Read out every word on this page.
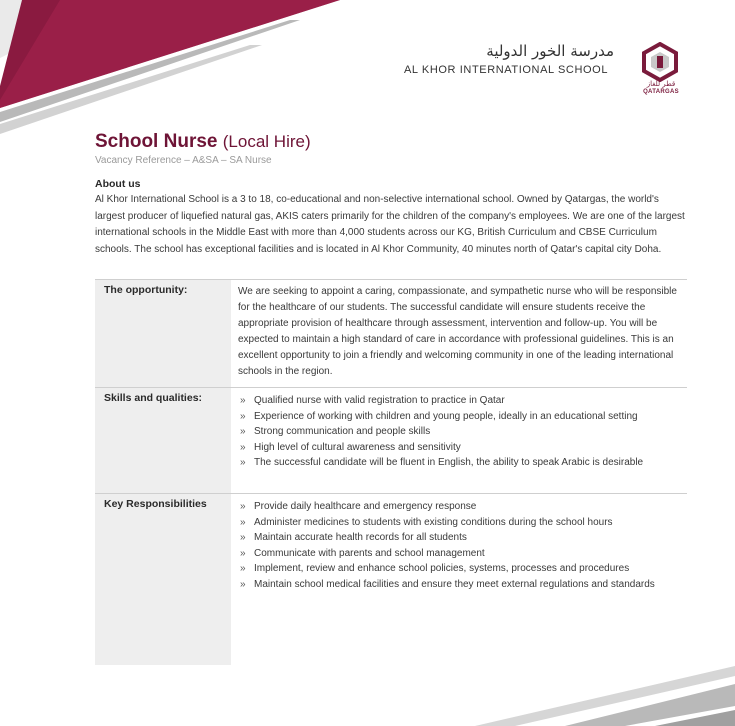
مدرسة الخور الدولية
AL KHOR INTERNATIONAL SCHOOL
قطر للغاز
QATARGAS
School Nurse (Local Hire)
Vacancy Reference – A&SA – SA Nurse
About us

Al Khor International School is a 3 to 18, co-educational and non-selective international school. Owned by Qatargas, the world's largest producer of liquefied natural gas, AKIS caters primarily for the children of the company's employees. We are one of the largest international schools in the Middle East with more than 4,000 students across our KG, British Curriculum and CBSE Curriculum schools. The school has exceptional facilities and is located in Al Khor Community, 40 minutes north of Qatar's capital city Doha.

The opportunity:	We are seeking to appoint a caring, compassionate, and sympathetic nurse who will be responsible for the healthcare of our students. The successful candidate will ensure students receive the appropriate provision of healthcare through assessment, intervention and follow-up. You will be expected to maintain a high standard of care in accordance with professional guidelines. This is an excellent opportunity to join a friendly and welcoming community in one of the leading international schools in the region.
Skills and qualities:	» Qualified nurse with valid registration to practice in Qatar
» Experience of working with children and young people, ideally in an educational setting
» Strong communication and people skills
» High level of cultural awareness and sensitivity
» The successful candidate will be fluent in English, the ability to speak Arabic is desirable
Key Responsibilities	» Provide daily healthcare and emergency response
» Administer medicines to students with existing conditions during the school hours
» Maintain accurate health records for all students
» Communicate with parents and school management
» Implement, review and enhance school policies, systems, processes and procedures
» Maintain school medical facilities and ensure they meet external regulations and standards
